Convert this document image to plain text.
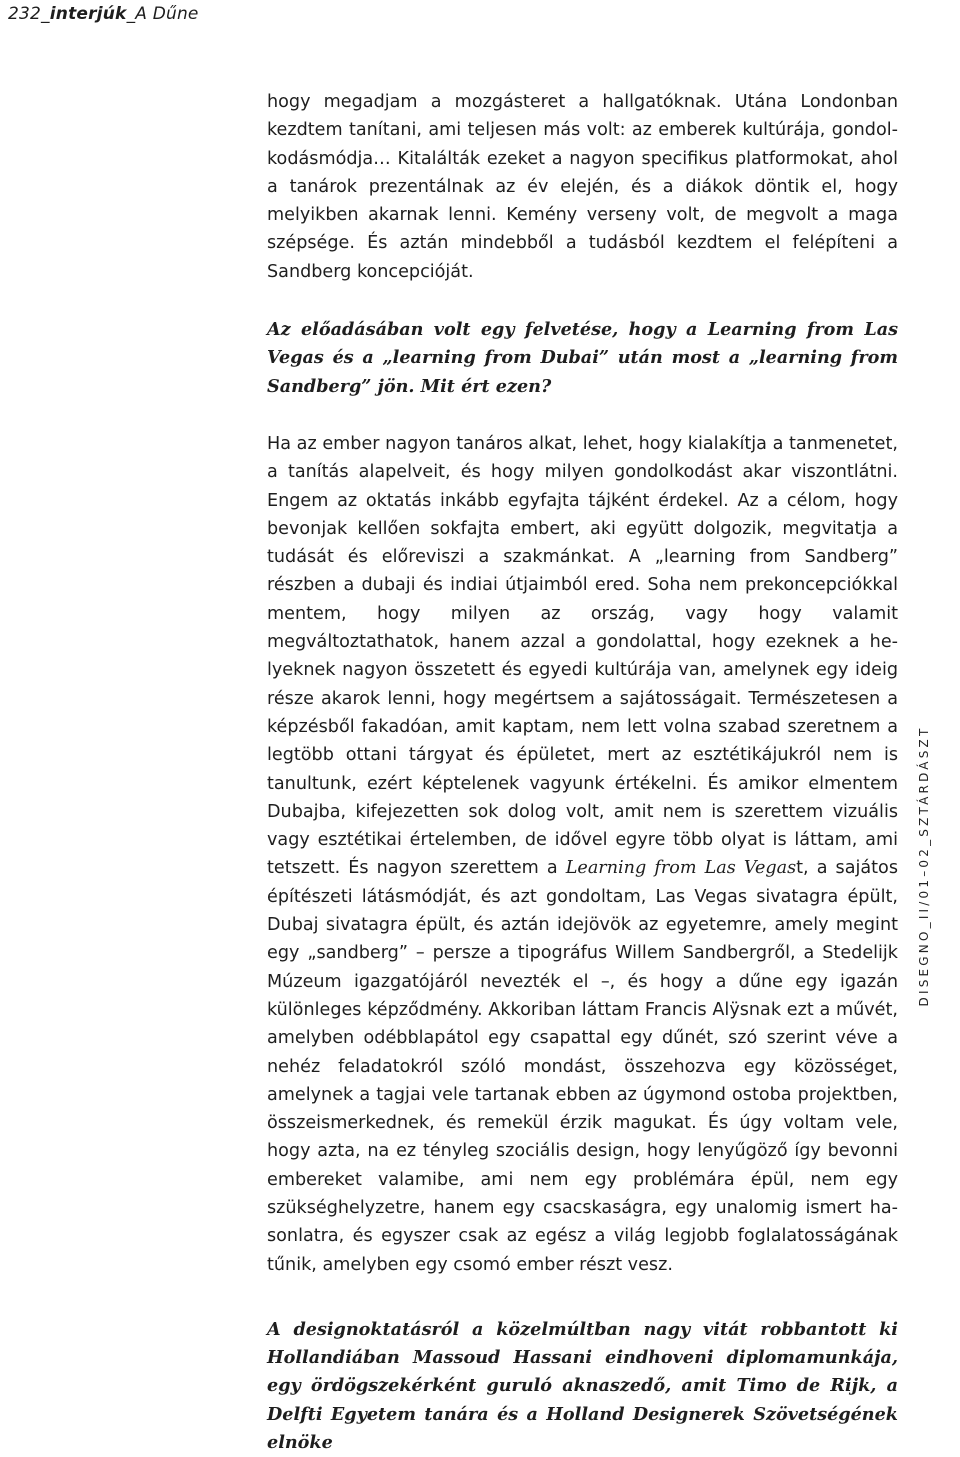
232_interjúk_A Dűne

hogy megadjam a mozgásteret a hallgatóknak. Utána Londonban kezdtem tanítani, ami teljesen más volt: az emberek kultúrája, gondolkodásmódja… Kitalálták ezeket a nagyon specifikus platformokat, ahol a tanárok prezentálnak az év elején, és a diákok döntik el, hogy melyikben akarnak lenni. Kemény verseny volt, de megvolt a maga szépsége. És aztán mindebből a tudásból kezdtem el felépíteni a Sandberg koncepcióját.

Az előadásában volt egy felvetése, hogy a Learning from Las Vegas és a „learning from Dubai” után most a „learning from Sandberg” jön. Mit ért ezen?

Ha az ember nagyon tanáros alkat, lehet, hogy kialakítja a tanmenetet, a tanítás alapelveit, és hogy milyen gondolkodást akar viszontlátni. Engem az oktatás inkább egyfajta tájként érdekel. Az a célom, hogy bevonjak kellően sokfajta embert, aki együtt dolgozik, megvitatja a tudását és előreviszi a szakmánkat. A „learning from Sandberg” részben a dubaji és indiai útjaimból ered. Soha nem prekoncepciókkal mentem, hogy milyen az ország, vagy hogy valamit megváltoztathatok, hanem azzal a gondolattal, hogy ezeknek a helyeknek nagyon összetett és egyedi kultúrája van, amelynek egy ideig része akarok lenni, hogy megértsem a sajátosságait. Természetesen a képzésből fakadóan, amit kaptam, nem lett volna szabad szeretnem a legtöbb ottani tárgyat és épületet, mert az esztétikájukról nem is tanultunk, ezért képtelenek vagyunk értékelni. És amikor elmentem Dubajba, kifejezetten sok dolog volt, amit nem is szerettem vizuális vagy esztétikai értelemben, de idővel egyre több olyat is láttam, ami tetszett. És nagyon szerettem a Learning from Las Vegast, a sajátos építészeti látásmódját, és azt gondoltam, Las Vegas sivatagra épült, Dubaj sivatagra épült, és aztán idejövök az egyetemre, amely megint egy „sandberg” – persze a tipográfus Willem Sandbergről, a Stedelijk Múzeum igazgatójáról nevezték el –, és hogy a dűne egy igazán különleges képződmény. Akkoriban láttam Francis Alÿsnak ezt a művét, amelyben odébblapátol egy csapattal egy dűnét, szó szerint véve a nehéz feladatokról szóló mondást, összehozva egy közösséget, amelynek a tagjai vele tartanak ebben az úgymond ostoba projektben, összeismerkednek, és remekül érzik magukat. És úgy voltam vele, hogy azta, na ez tényleg szociális design, hogy lenyűgöző így bevonni embereket valamibe, ami nem egy problémára épül, nem egy szükséghelyzetre, hanem egy csacskaságra, egy unalomig ismert hasonlatra, és egyszer csak az egész a világ legjobb foglalatosságának tűnik, amelyben egy csomó ember részt vesz.

A designoktatásról a közelmúltban nagy vitát robbantott ki Hollandiában Massoud Hassani eindhoveni diplomamunkája, egy ördögszekérként guruló aknaszedő, amit Timo de Rijk, a Delfti Egyetem tanára és a Holland Designerek Szövetségének elnöke

DISEGNO_II/01–02_SZTÁRDÁSZT
